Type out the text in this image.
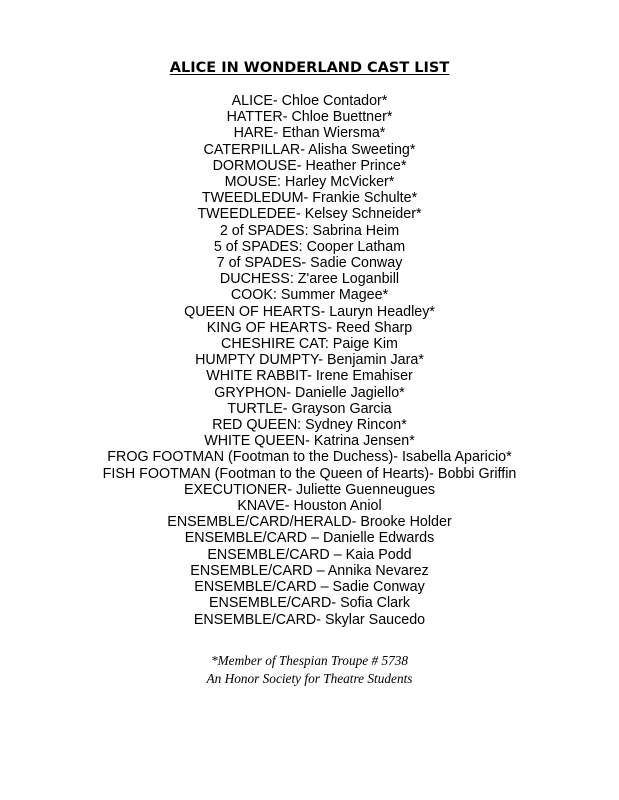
ALICE IN WONDERLAND CAST LIST
ALICE- Chloe Contador*
HATTER- Chloe Buettner*
HARE- Ethan Wiersma*
CATERPILLAR- Alisha Sweeting*
DORMOUSE- Heather Prince*
MOUSE: Harley McVicker*
TWEEDLEDUM- Frankie Schulte*
TWEEDLEDEE- Kelsey Schneider*
2 of SPADES: Sabrina Heim
5 of SPADES: Cooper Latham
7 of SPADES- Sadie Conway
DUCHESS: Z'aree Loganbill
COOK: Summer Magee*
QUEEN OF HEARTS- Lauryn Headley*
KING OF HEARTS- Reed Sharp
CHESHIRE CAT: Paige Kim
HUMPTY DUMPTY- Benjamin Jara*
WHITE RABBIT- Irene Emahiser
GRYPHON- Danielle Jagiello*
TURTLE- Grayson Garcia
RED QUEEN: Sydney Rincon*
WHITE QUEEN- Katrina Jensen*
FROG FOOTMAN (Footman to the Duchess)- Isabella Aparicio*
FISH FOOTMAN (Footman to the Queen of Hearts)- Bobbi Griffin
EXECUTIONER- Juliette Guenneugues
KNAVE- Houston Aniol
ENSEMBLE/CARD/HERALD- Brooke Holder
ENSEMBLE/CARD – Danielle Edwards
ENSEMBLE/CARD – Kaia Podd
ENSEMBLE/CARD – Annika Nevarez
ENSEMBLE/CARD – Sadie Conway
ENSEMBLE/CARD- Sofia Clark
ENSEMBLE/CARD- Skylar Saucedo
*Member of Thespian Troupe # 5738
An Honor Society for Theatre Students
